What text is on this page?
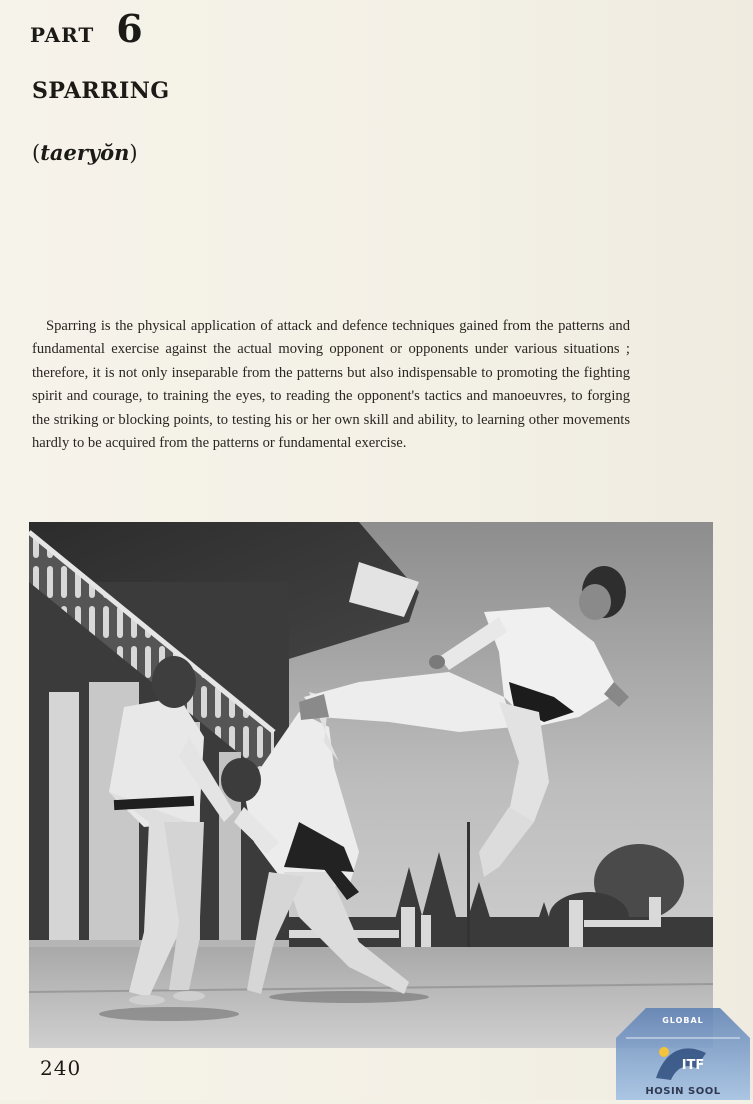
PART 6
SPARRING
(taeryŏn)

Sparring is the physical application of attack and defence techniques gained from the patterns and fundamental exercise against the actual moving opponent or opponents under various situations ; therefore, it is not only inseparable from the patterns but also indispensable to promoting the fighting spirit and courage, to training the eyes, to reading the opponent's tactics and manoeuvres, to forging the striking or blocking points, to testing his or her own skill and ability, to learning other movements hardly to be acquired from the patterns or fundamental exercise.

240
GLOBAL
ITF
HOSIN SOOL
